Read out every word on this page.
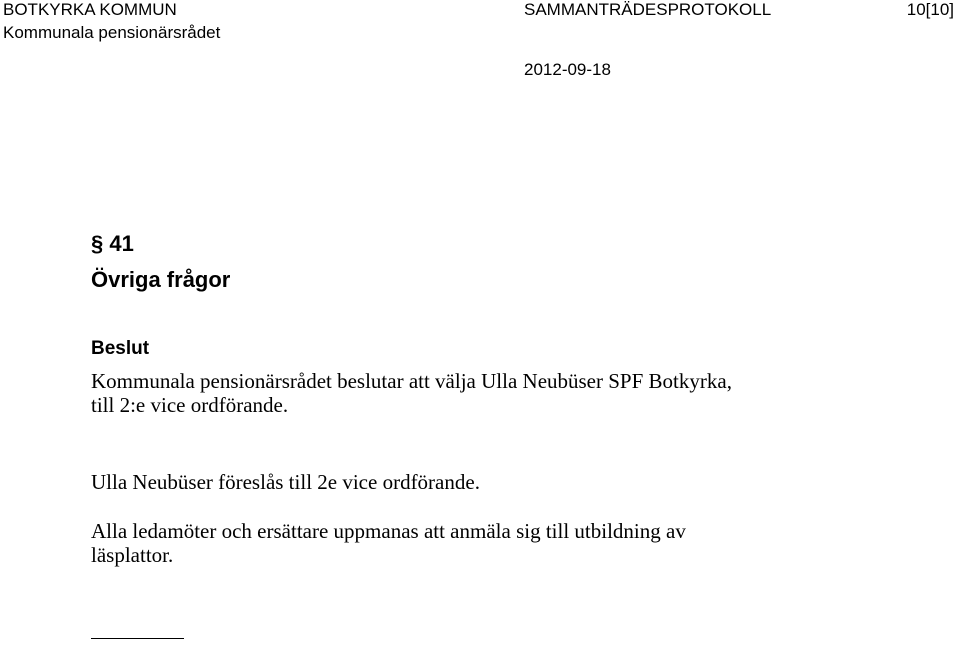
BOTKYRKA KOMMUN	SAMMANTRÄDESPROTOKOLL	10[10]
Kommunala pensionärsrådet
2012-09-18
§ 41
Övriga frågor
Beslut

Kommunala pensionärsrådet beslutar att välja Ulla Neubüser SPF Botkyrka,
till 2:e vice ordförande.

Ulla Neubüser föreslås till 2e vice ordförande.

Alla ledamöter och ersättare uppmanas att anmäla sig till utbildning av
läsplattor.
